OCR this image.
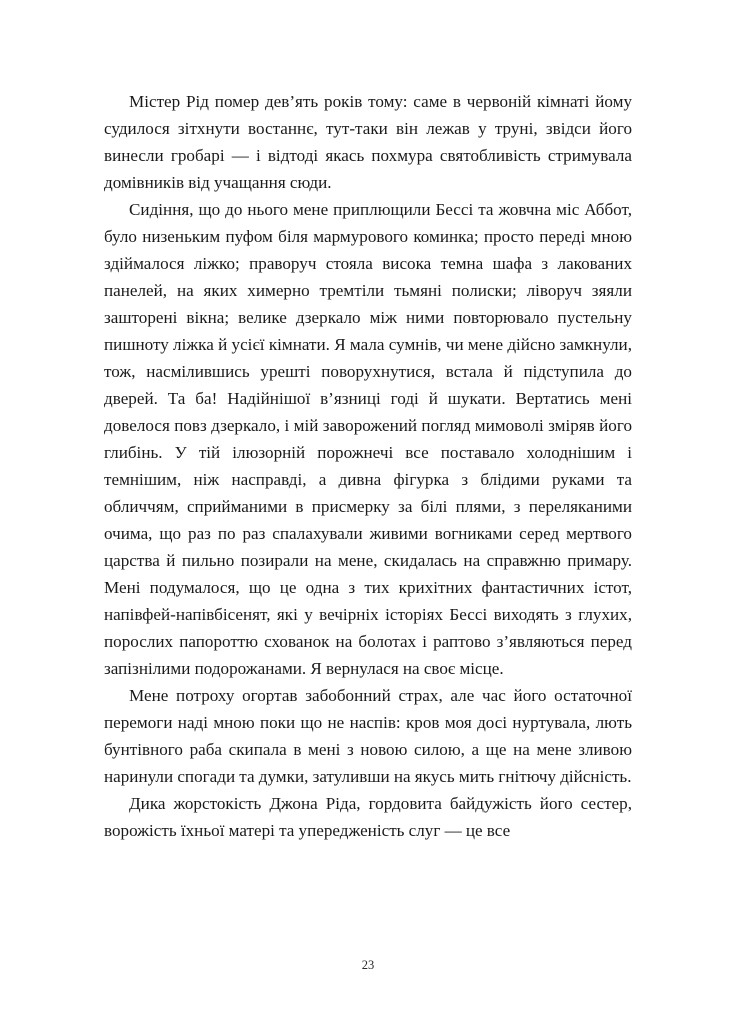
Містер Рід помер дев’ять років тому: саме в червоній кімнаті йому судилося зітхнути востаннє, тут-таки він лежав у труні, звідси його винесли гробарі — і відтоді якась похмура святобливість стримувала домівників від учащання сюди.

Сидіння, що до нього мене приплющили Бессі та жовчна міс Аббот, було низеньким пуфом біля мармурового коминка; просто переді мною здіймалося ліжко; праворуч стояла висока темна шафа з лакованих панелей, на яких химерно тремтіли тьмяні полиски; ліворуч зяяли зашторені вікна; велике дзеркало між ними повторювало пустельну пишноту ліжка й усієї кімнати. Я мала сумнів, чи мене дійсно замкнули, тож, насмілившись урешті поворухнутися, встала й підступила до дверей. Та ба! Надійнішої в’язниці годі й шукати. Вертатись мені довелося повз дзеркало, і мій заворожений погляд мимоволі зміряв його глибінь. У тій ілюзорній порожнечі все поставало холоднішим і темнішим, ніж насправді, а дивна фігурка з блідими руками та обличчям, сприйманими в присмерку за білі плями, з переляканими очима, що раз по раз спалахували живими вогниками серед мертвого царства й пильно позирали на мене, скидалась на справжню примару. Мені подумалося, що це одна з тих крихітних фантастичних істот, напівфей-напівбісенят, які у вечірніх історіях Бессі виходять з глухих, порослих папороттю схованок на болотах і раптово з’являються перед запізнілими подорожанами. Я вернулася на своє місце.

Мене потроху огортав забобонний страх, але час його остаточної перемоги наді мною поки що не наспів: кров моя досі нуртувала, лють бунтівного раба скипала в мені з новою силою, а ще на мене зливою наринули спогади та думки, затуливши на якусь мить гнітючу дійсність.

Дика жорстокість Джона Ріда, гордовита байдужість його сестер, ворожість їхньої матері та упередженість слуг — це все

23
